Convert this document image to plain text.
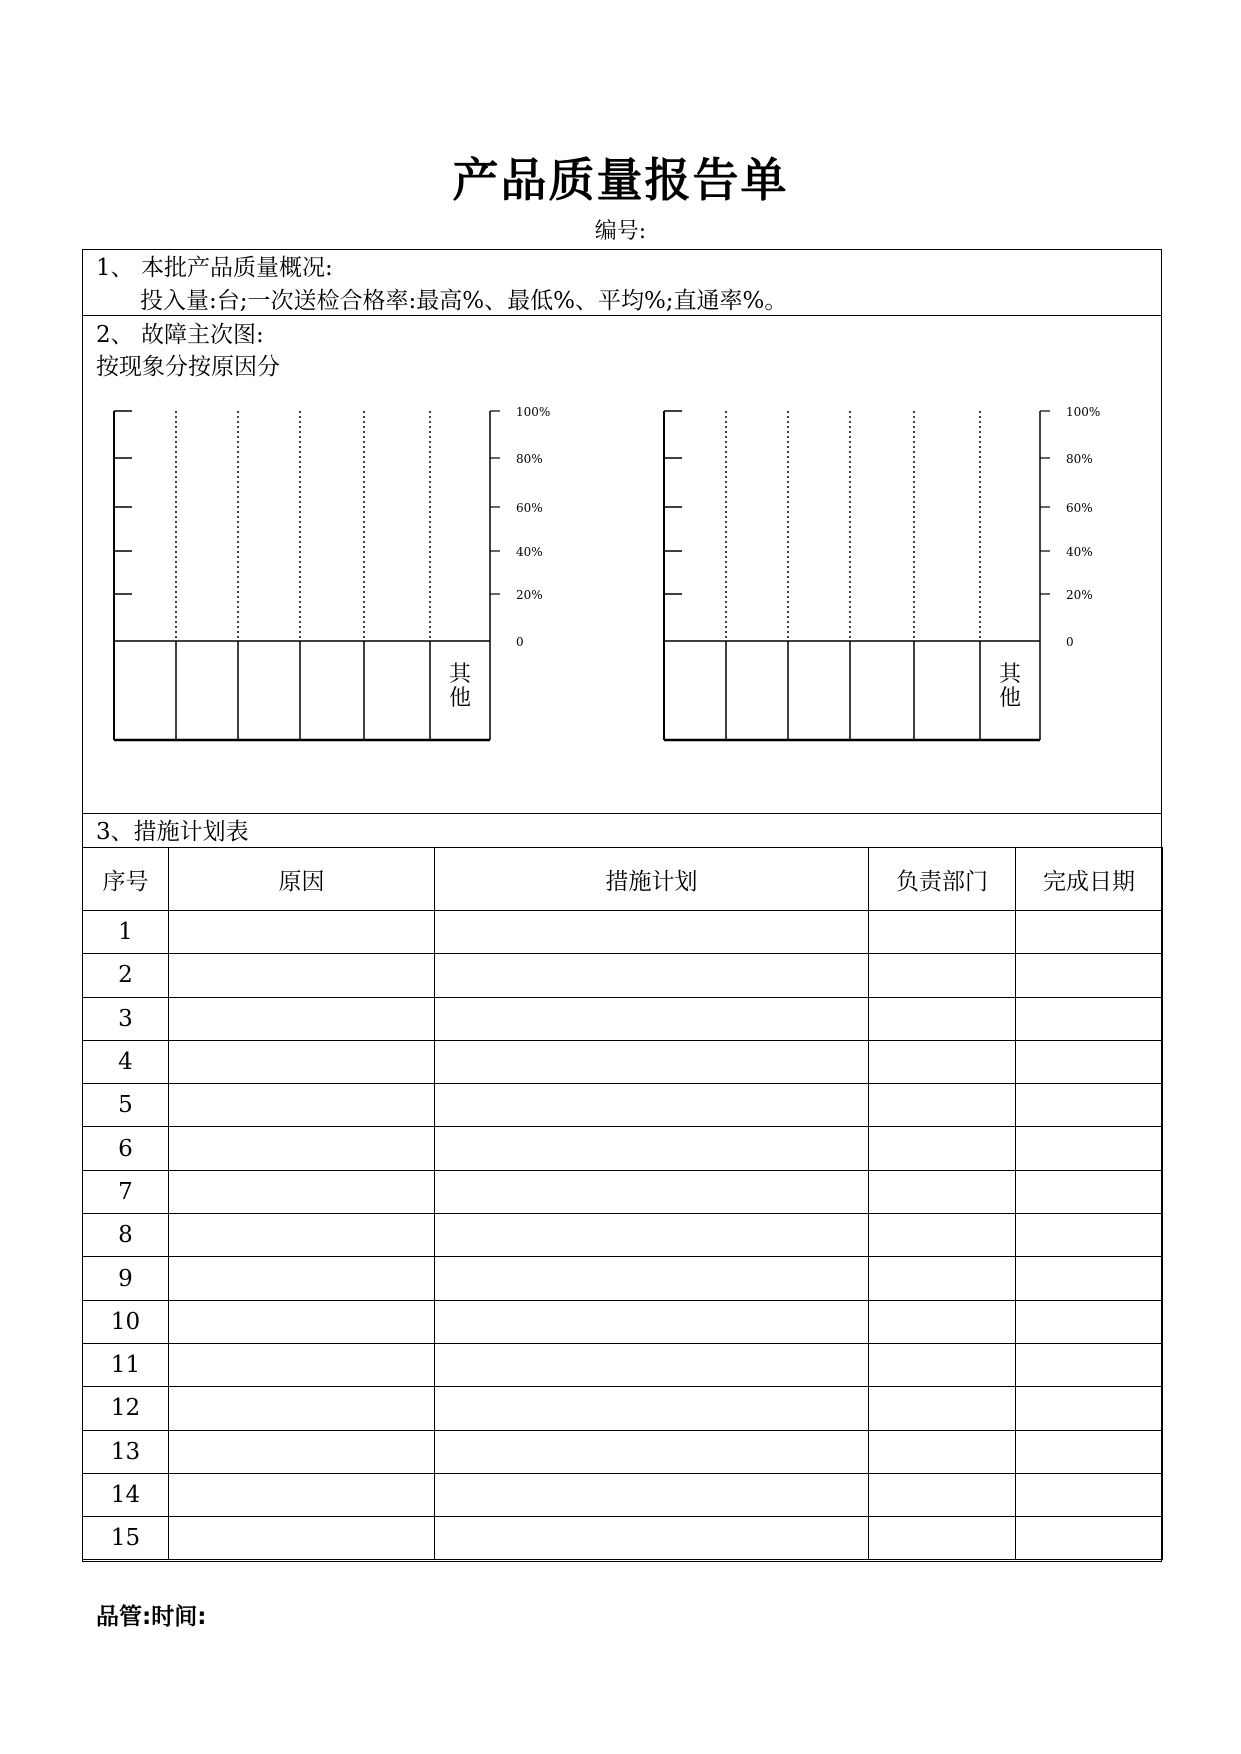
产品质量报告单
编号:
1、 本批产品质量概况:
投入量:台;一次送检合格率:最高%、最低%、平均%;直通率%。
2、 故障主次图:
按现象分按原因分
100%
80%
60%
40%
20%
0
其他
100%
80%
60%
40%
20%
0
其他
3、措施计划表
序号	原因	措施计划	负责部门	完成日期
1				
2				
3				
4				
5				
6				
7				
8				
9				
10				
11				
12				
13				
14				
15				
品管:时间:
